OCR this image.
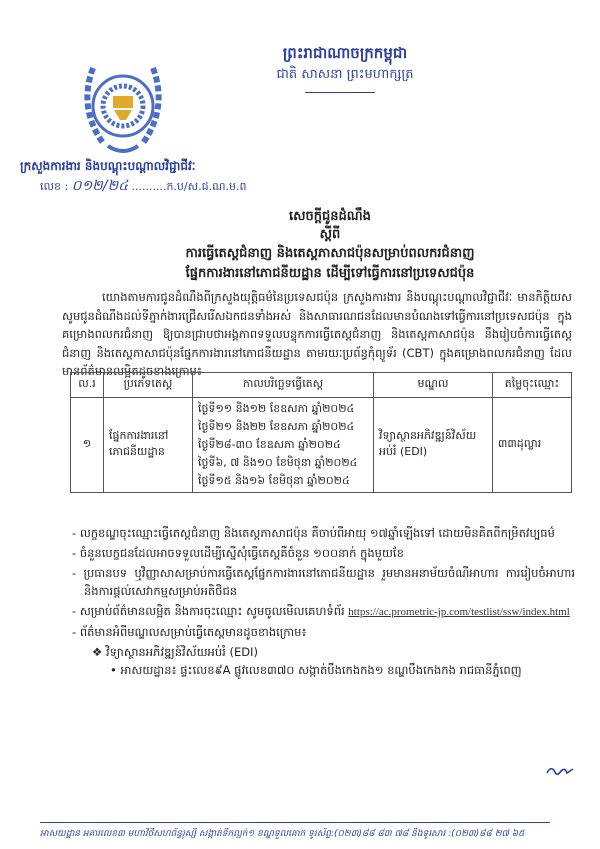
ព្រះរាជាណាចក្រកម្ពុជា
ជាតិ សាសនា ព្រះមហាក្សត្រ
ក្រសួងការងារ និងបណ្តុះបណ្តាលវិជ្ជាជីវៈ
លេខ : ០១២/២៤ ..........ក.ប/ស.ជ.ណ.ម.ព
សេចក្តីជូនដំណឹង
ស្តីពី
ការធ្វើតេស្តជំនាញ និងតេស្តភាសាជប៉ុនសម្រាប់ពលករជំនាញ
ផ្នែកការងារនៅភោជនីយដ្ឋាន ដើម្បីទៅធ្វើការនៅប្រទេសជប៉ុន
យោងតាមការជូនដំណឹងពីក្រសួងយុត្តិធម៌នៃប្រទេសជប៉ុន ក្រសួងការងារ និងបណ្តុះបណ្តាលវិជ្ជាជីវៈ មានកិត្តិយសសូមជូនដំណឹងដល់ទីភ្នាក់ងារជ្រើសរើសឯកជនទាំងអស់ និងសាធារណជនដែលមានបំណងទៅធ្វើការនៅប្រទេសជប៉ុន ក្នុងគម្រោងពលករជំនាញ ឱ្យបានជ្រាបថាអង្គភាពទទួលបន្ទុកការធ្វើតេស្តជំនាញ និងតេស្តភាសាជប៉ុន នឹងរៀបចំការធ្វើតេស្តជំនាញ និងតេស្តភាសាជប៉ុនផ្នែកការងារនៅភោជនីយដ្ឋាន តាមរយៈប្រព័ន្ធកុំព្យូទ័រ (CBT) ក្នុងគម្រោងពលករជំនាញ ដែលមានព័ត៌មានលម្អិតដូចខាងក្រោម៖
ល.រ	ប្រភេទតេស្ត	កាលបរិច្ឆេទធ្វើតេស្ត	មណ្ឌល	តម្លៃចុះឈ្មោះ
១	ផ្នែកការងារនៅភោជនីយដ្ឋាន	ថ្ងៃទី១១ និង១២ ខែឧសភា ឆ្នាំ២០២៤
ថ្ងៃទី២១ និង២២ ខែឧសភា ឆ្នាំ២០២៤
ថ្ងៃទី២៨-៣០ ខែឧសភា ឆ្នាំ២០២៤
ថ្ងៃទី៦, ៧ និង១០ ខែមិថុនា ឆ្នាំ២០២៤
ថ្ងៃទី១៥ និង១៦ ខែមិថុនា ឆ្នាំ២០២៤	វិទ្យាស្ថានអភិវឌ្ឍន៍វិស័យអប់រំ (EDI)	៣៣ដុល្លារ
- លក្ខខណ្ឌចុះឈ្មោះធ្វើតេស្តជំនាញ និងតេស្តភាសាជប៉ុន គឺចាប់ពីអាយុ ១៧ឆ្នាំឡើងទៅ ដោយមិនគិតពីកម្រិតវប្បធម៌
- ចំនួនបេក្ខជនដែលអាចទទួលដើម្បីស្នើសុំធ្វើតេស្តគឺចំនួន ១០០នាក់ ក្នុងមួយខែ
- ប្រធានបទ ឬវិញ្ញាសាសម្រាប់ការធ្វើតេស្តផ្នែកការងារនៅភោជនីយដ្ឋាន រួមមានអនាម័យចំណីអាហារ ការរៀបចំអាហារ និងការផ្តល់សេវាកម្មសម្រាប់អតិថិជន
- សម្រាប់ព័ត៌មានលម្អិត និងការចុះឈ្មោះ សូមចូលមើលគេហទំព័រ https://ac.prometric-jp.com/testlist/ssw/index.html
- ព័ត៌មានអំពីមណ្ឌលសម្រាប់ធ្វើតេស្តមានដូចខាងក្រោម៖
❖ វិទ្យាស្ថានអភិវឌ្ឍន៍វិស័យអប់រំ (EDI)
• អាសយដ្ឋាន៖ ផ្ទះលេខ៩A ផ្លូវលេខ៣៧០ សង្កាត់បឹងកេងកង១ ខណ្ឌបឹងកេងកង រាជធានីភ្នំពេញ
អាសយដ្ឋាន អគារលេខ៣ មហាវិថីសហព័ន្ធរុស្សី សង្កាត់ទឹកល្អក់១ ខណ្ឌទួលគោក ទូរស័ព្ទ:(០២៣)៨៨ ៨៣ ៧៨ និងទូរសារ :(០២៣)៨៨ ២៧ ៦៥
